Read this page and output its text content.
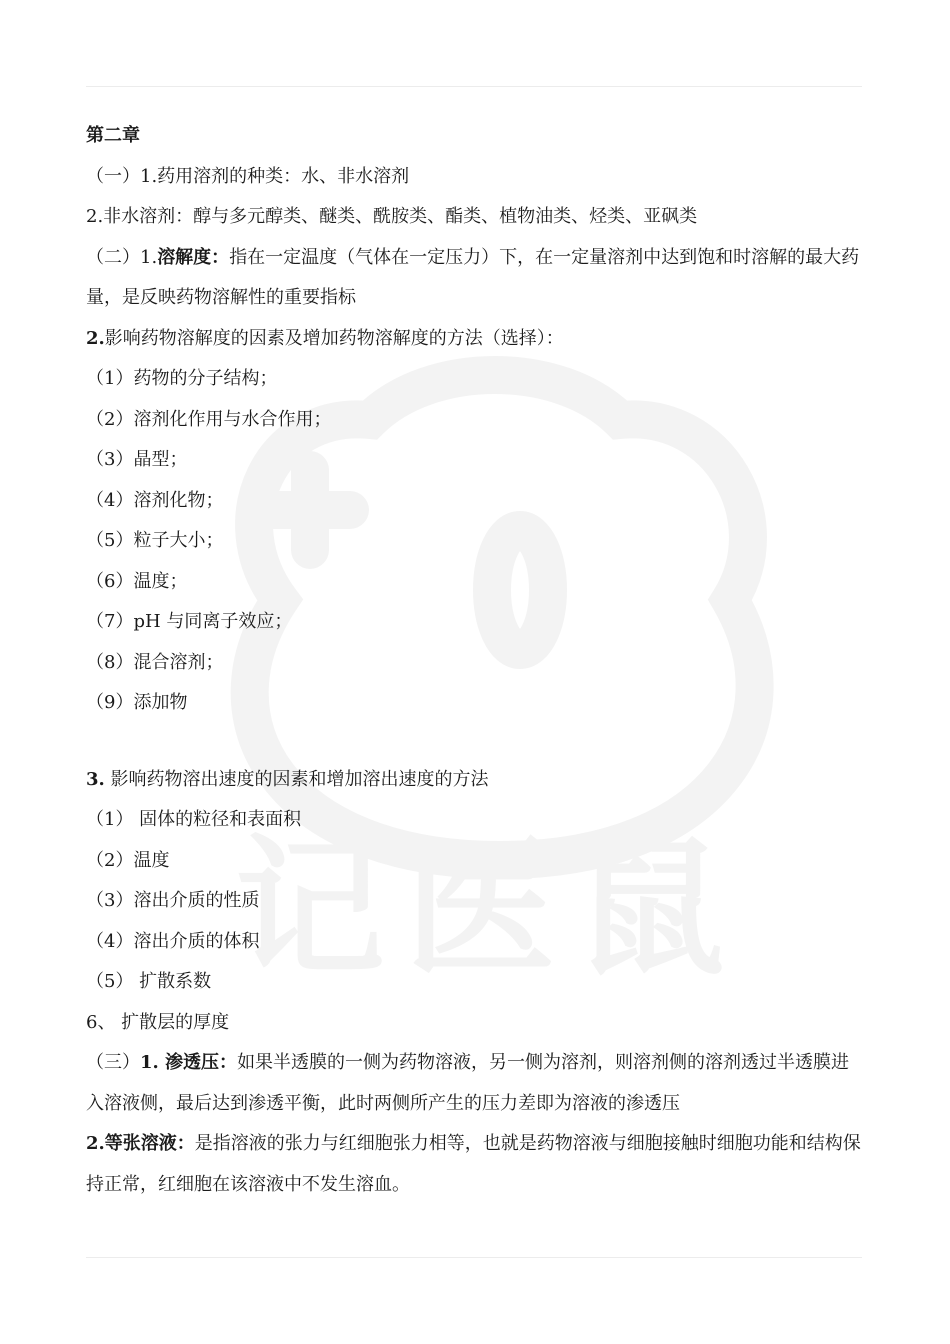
记医鼠
第二章
（一）1.药用溶剂的种类：水、非水溶剂
2.非水溶剂：醇与多元醇类、醚类、酰胺类、酯类、植物油类、烃类、亚砜类
（二）1.溶解度：指在一定温度（气体在一定压力）下，在一定量溶剂中达到饱和时溶解的最大药量，是反映药物溶解性的重要指标
2.影响药物溶解度的因素及增加药物溶解度的方法（选择）：
（1）药物的分子结构；
（2）溶剂化作用与水合作用；
（3）晶型；
（4）溶剂化物；
（5）粒子大小；
（6）温度；
（7）pH 与同离子效应；
（8）混合溶剂；
（9）添加物
3. 影响药物溶出速度的因素和增加溶出速度的方法
（1） 固体的粒径和表面积
（2）温度
（3）溶出介质的性质
（4）溶出介质的体积
（5） 扩散系数
6、 扩散层的厚度
（三）1. 渗透压：如果半透膜的一侧为药物溶液，另一侧为溶剂，则溶剂侧的溶剂透过半透膜进入溶液侧，最后达到渗透平衡，此时两侧所产生的压力差即为溶液的渗透压
2.等张溶液：是指溶液的张力与红细胞张力相等，也就是药物溶液与细胞接触时细胞功能和结构保持正常，红细胞在该溶液中不发生溶血。
